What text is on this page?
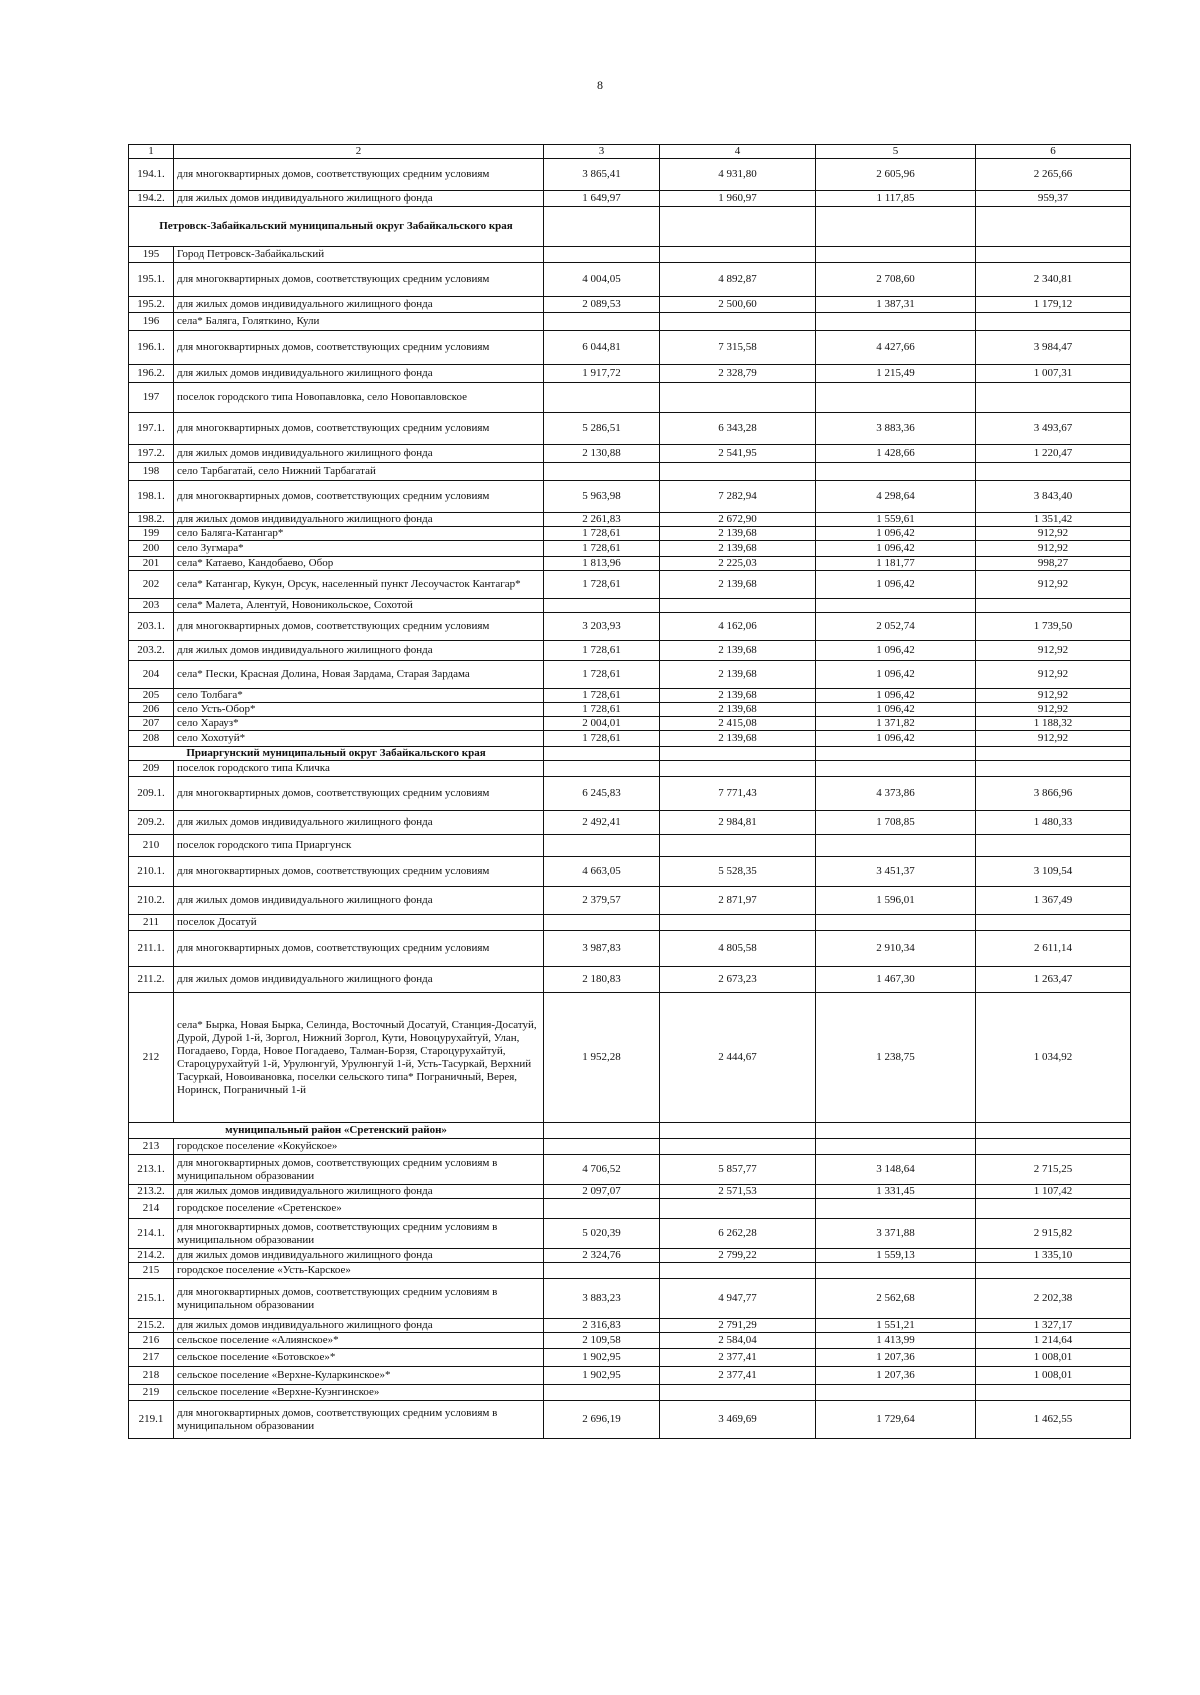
8
1	2	3	4	5	6
194.1.	для многоквартирных домов, соответствующих средним условиям	3 865,41	4 931,80	2 605,96	2 265,66
194.2.	для жилых домов индивидуального жилищного фонда	1 649,97	1 960,97	1 117,85	959,37
Петровск-Забайкальский муниципальный округ Забайкальского края					
195	Город Петровск-Забайкальский				
195.1.	для многоквартирных домов, соответствующих средним условиям	4 004,05	4 892,87	2 708,60	2 340,81
195.2.	для жилых домов индивидуального жилищного фонда	2 089,53	2 500,60	1 387,31	1 179,12
196	села* Баляга, Голяткино, Кули				
196.1.	для многоквартирных домов, соответствующих средним условиям	6 044,81	7 315,58	4 427,66	3 984,47
196.2.	для жилых домов индивидуального жилищного фонда	1 917,72	2 328,79	1 215,49	1 007,31
197	поселок городского типа Новопавловка, село Новопавловское				
197.1.	для многоквартирных домов, соответствующих средним условиям	5 286,51	6 343,28	3 883,36	3 493,67
197.2.	для жилых домов индивидуального жилищного фонда	2 130,88	2 541,95	1 428,66	1 220,47
198	село Тарбагатай, село Нижний Тарбагатай				
198.1.	для многоквартирных домов, соответствующих средним условиям	5 963,98	7 282,94	4 298,64	3 843,40
198.2.	для жилых домов индивидуального жилищного фонда	2 261,83	2 672,90	1 559,61	1 351,42
199	село Баляга-Катангар*	1 728,61	2 139,68	1 096,42	912,92
200	село Зугмара*	1 728,61	2 139,68	1 096,42	912,92
201	села* Катаево, Кандобаево, Обор	1 813,96	2 225,03	1 181,77	998,27
202	села* Катангар, Кукун, Орсук, населенный пункт Лесоучасток Кантагар*	1 728,61	2 139,68	1 096,42	912,92
203	села* Малета, Алентуй, Новоникольское, Сохотой				
203.1.	для многоквартирных домов, соответствующих средним условиям	3 203,93	4 162,06	2 052,74	1 739,50
203.2.	для жилых домов индивидуального жилищного фонда	1 728,61	2 139,68	1 096,42	912,92
204	села* Пески, Красная Долина, Новая Зардама, Старая Зардама	1 728,61	2 139,68	1 096,42	912,92
205	село Толбага*	1 728,61	2 139,68	1 096,42	912,92
206	село Усть-Обор*	1 728,61	2 139,68	1 096,42	912,92
207	село Харауз*	2 004,01	2 415,08	1 371,82	1 188,32
208	село Хохотуй*	1 728,61	2 139,68	1 096,42	912,92
Приаргунский муниципальный округ Забайкальского края					
209	поселок городского типа Кличка				
209.1.	для многоквартирных домов, соответствующих средним условиям	6 245,83	7 771,43	4 373,86	3 866,96
209.2.	для жилых домов индивидуального жилищного фонда	2 492,41	2 984,81	1 708,85	1 480,33
210	поселок городского типа Приаргунск				
210.1.	для многоквартирных домов, соответствующих средним условиям	4 663,05	5 528,35	3 451,37	3 109,54
210.2.	для жилых домов индивидуального жилищного фонда	2 379,57	2 871,97	1 596,01	1 367,49
211	поселок Досатуй				
211.1.	для многоквартирных домов, соответствующих средним условиям	3 987,83	4 805,58	2 910,34	2 611,14
211.2.	для жилых домов индивидуального жилищного фонда	2 180,83	2 673,23	1 467,30	1 263,47
212	села* Бырка, Новая Бырка, Селинда, Восточный Досатуй, Станция-Досатуй, Дурой, Дурой 1-й, Зоргол, Нижний Зоргол, Кути, Новоцурухайтуй, Улан, Погадаево, Горда, Новое Погадаево, Талман-Борзя, Староцурухайтуй, Староцурухайтуй 1-й, Урулюнгуй, Урулюнгуй 1-й, Усть-Тасуркай, Верхний Тасуркай, Новоивановка, поселки сельского типа* Пограничный, Верея, Норинск, Пограничный 1-й	1 952,28	2 444,67	1 238,75	1 034,92
муниципальный район «Сретенский район»					
213	городское поселение «Кокуйское»				
213.1.	для многоквартирных домов, соответствующих средним условиям в муниципальном образовании	4 706,52	5 857,77	3 148,64	2 715,25
213.2.	для жилых домов индивидуального жилищного фонда	2 097,07	2 571,53	1 331,45	1 107,42
214	городское поселение «Сретенское»				
214.1.	для многоквартирных домов, соответствующих средним условиям в муниципальном образовании	5 020,39	6 262,28	3 371,88	2 915,82
214.2.	для жилых домов индивидуального жилищного фонда	2 324,76	2 799,22	1 559,13	1 335,10
215	городское поселение «Усть-Карское»				
215.1.	для многоквартирных домов, соответствующих средним условиям в муниципальном образовании	3 883,23	4 947,77	2 562,68	2 202,38
215.2.	для жилых домов индивидуального жилищного фонда	2 316,83	2 791,29	1 551,21	1 327,17
216	сельское поселение «Алиянское»*	2 109,58	2 584,04	1 413,99	1 214,64
217	сельское поселение «Ботовское»*	1 902,95	2 377,41	1 207,36	1 008,01
218	сельское поселение «Верхне-Куларкинское»*	1 902,95	2 377,41	1 207,36	1 008,01
219	сельское поселение «Верхне-Куэнгинское»				
219.1	для многоквартирных домов, соответствующих средним условиям в муниципальном образовании	2 696,19	3 469,69	1 729,64	1 462,55
